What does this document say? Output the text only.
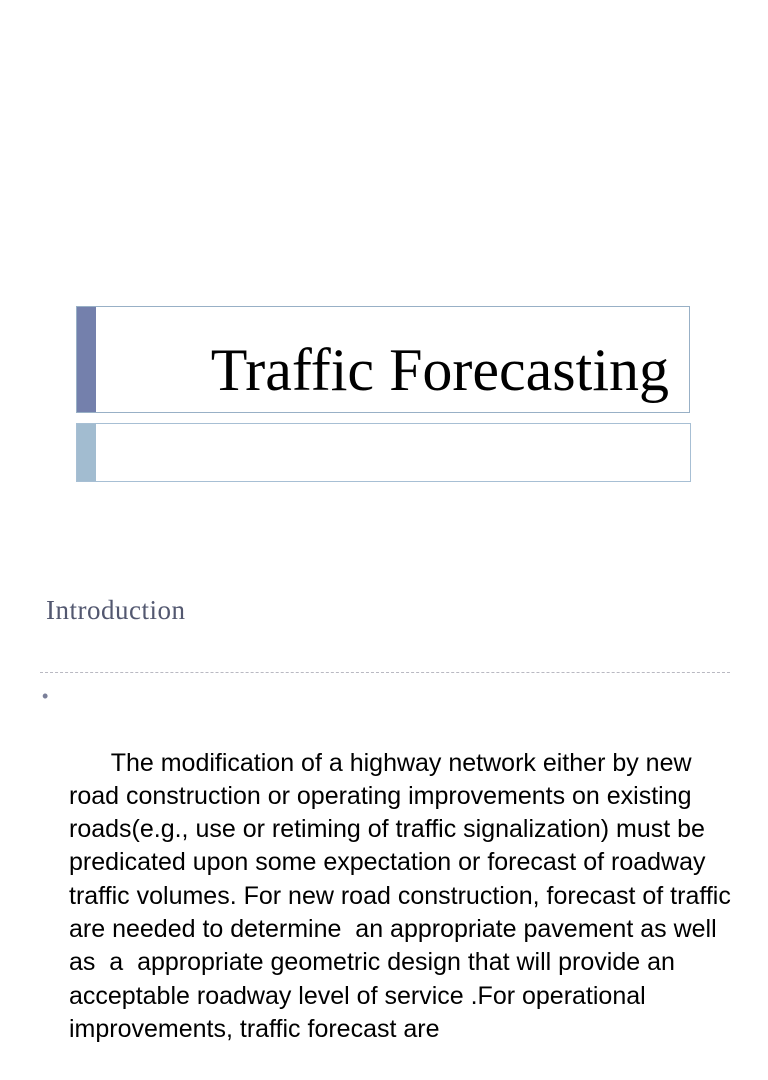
Traffic Forecasting
Introduction

•

The modification of a highway network either by new road construction or operating improvements on existing  roads(e.g., use or retiming of traffic signalization) must be predicated upon some expectation or forecast of roadway traffic volumes. For new road construction, forecast of traffic are needed to determine  an appropriate pavement as well as  a  appropriate geometric design that will provide an acceptable roadway level of service .For operational improvements, traffic forecast are
